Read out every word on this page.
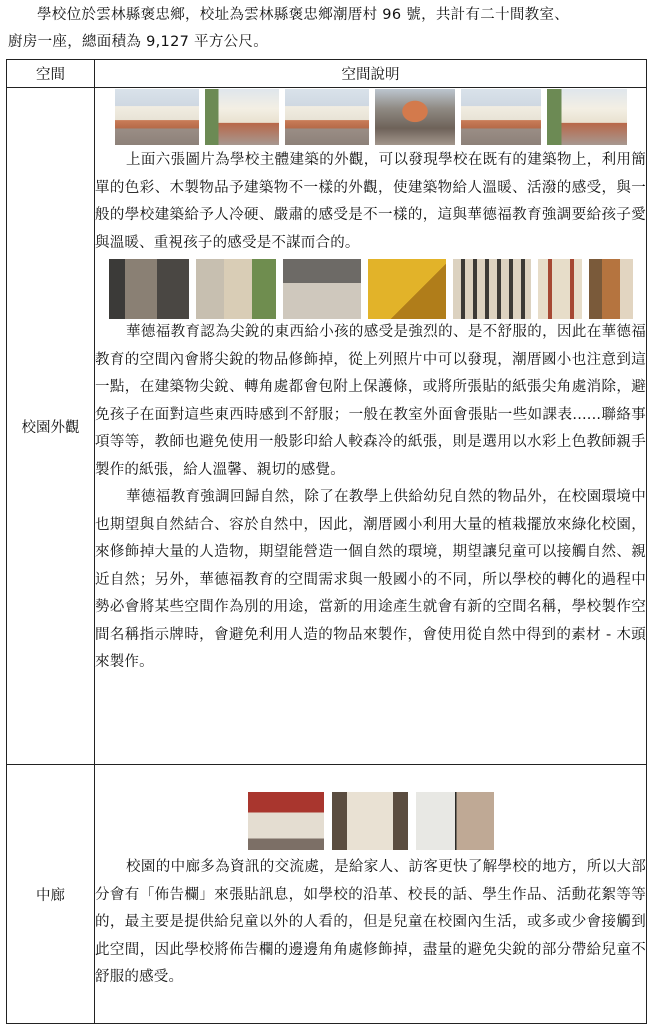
學校位於雲林縣褒忠鄉，校址為雲林縣褒忠鄉潮厝村 96 號，共計有二十間教室、

廚房一座，總面積為 9,127 平方公尺。

空間	空間說明
校園外觀	上面六張圖片為學校主體建築的外觀，可以發現學校在既有的建築物上，利用簡單的色彩、木製物品予建築物不一樣的外觀，使建築物給人溫暖、活潑的感受，與一般的學校建築給予人冷硬、嚴肅的感受是不一樣的，這與華德福教育強調要給孩子愛與溫暖、重視孩子的感受是不謀而合的。

華德福教育認為尖銳的東西給小孩的感受是強烈的、是不舒服的，因此在華德福教育的空間內會將尖銳的物品修飾掉，從上列照片中可以發現，潮厝國小也注意到這一點，在建築物尖銳、轉角處都會包附上保護條，或將所張貼的紙張尖角處消除，避免孩子在面對這些東西時感到不舒服；一般在教室外面會張貼一些如課表......聯絡事項等等，教師也避免使用一般影印給人較森冷的紙張，則是選用以水彩上色教師親手製作的紙張，給人溫馨、親切的感覺。

華德福教育強調回歸自然，除了在教學上供給幼兒自然的物品外，在校園環境中也期望與自然結合、容於自然中，因此，潮厝國小利用大量的植栽擺放來綠化校園，來修飾掉大量的人造物，期望能營造一個自然的環境，期望讓兒童可以接觸自然、親近自然；另外，華德福教育的空間需求與一般國小的不同，所以學校的轉化的過程中勢必會將某些空間作為別的用途，當新的用途產生就會有新的空間名稱，學校製作空間名稱指示牌時，會避免利用人造的物品來製作，會使用從自然中得到的素材 - 木頭來製作。

中廊	校園的中廊多為資訊的交流處，是給家人、訪客更快了解學校的地方，所以大部分會有「佈告欄」來張貼訊息，如學校的沿革、校長的話、學生作品、活動花絮等等的，最主要是提供給兒童以外的人看的，但是兒童在校園內生活，或多或少會接觸到此空間，因此學校將佈告欄的邊邊角角處修飾掉，盡量的避免尖銳的部分帶給兒童不舒服的感受。
